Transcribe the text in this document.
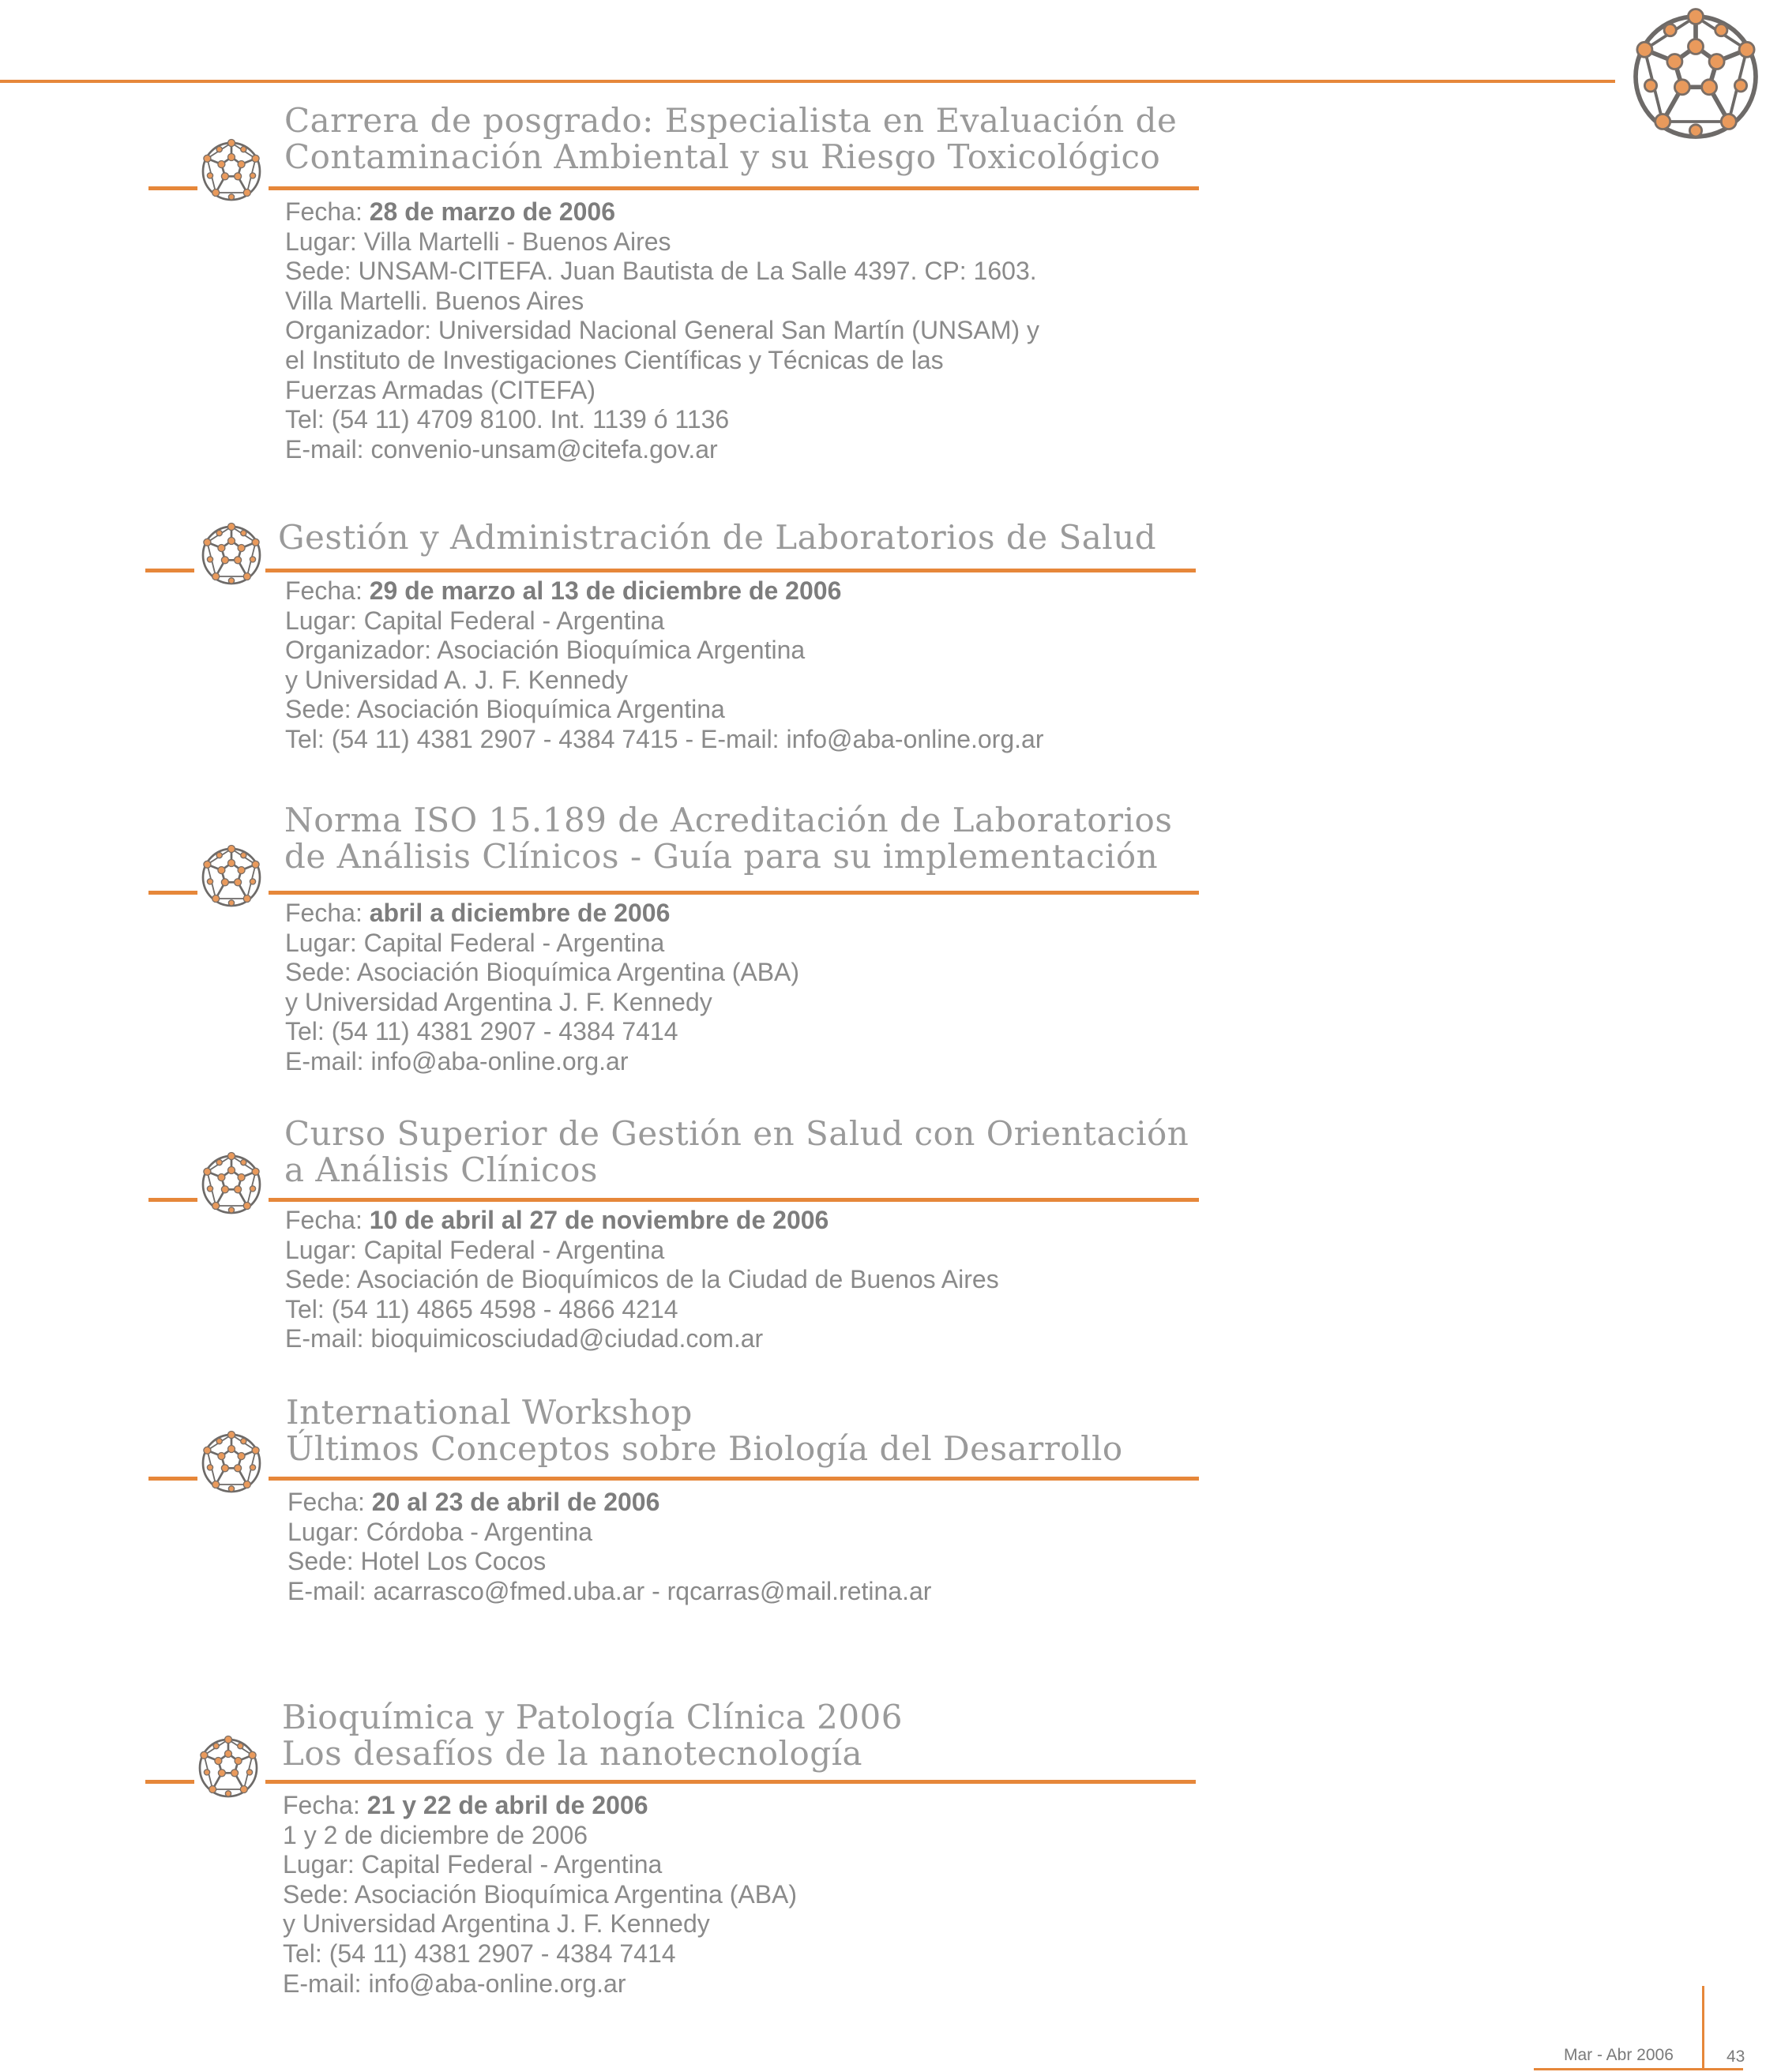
Carrera de posgrado: Especialista en Evaluación de
Contaminación Ambiental y su Riesgo Toxicológico
Fecha: 28 de marzo de 2006
Lugar: Villa Martelli - Buenos Aires
Sede: UNSAM-CITEFA. Juan Bautista de La Salle 4397. CP: 1603.
Villa Martelli. Buenos Aires
Organizador: Universidad Nacional General San Martín (UNSAM) y
el Instituto de Investigaciones Científicas y Técnicas de las
Fuerzas Armadas (CITEFA)
Tel: (54 11) 4709 8100. Int. 1139 ó 1136
E-mail: convenio-unsam@citefa.gov.ar
Gestión y Administración de Laboratorios de Salud
Fecha: 29 de marzo al 13 de diciembre de 2006
Lugar: Capital Federal - Argentina
Organizador: Asociación Bioquímica Argentina
y Universidad A. J. F. Kennedy
Sede: Asociación Bioquímica Argentina
Tel: (54 11) 4381 2907 - 4384 7415 - E-mail: info@aba-online.org.ar
Norma ISO 15.189 de Acreditación de Laboratorios
de Análisis Clínicos - Guía para su implementación
Fecha: abril a diciembre de 2006
Lugar: Capital Federal - Argentina
Sede: Asociación Bioquímica Argentina (ABA)
y Universidad Argentina J. F. Kennedy
Tel: (54 11) 4381 2907 - 4384 7414
E-mail: info@aba-online.org.ar
Curso Superior de Gestión en Salud con Orientación
a Análisis Clínicos
Fecha: 10 de abril al 27 de noviembre de 2006
Lugar: Capital Federal - Argentina
Sede: Asociación de Bioquímicos de la Ciudad de Buenos Aires
Tel: (54 11) 4865 4598 - 4866 4214
E-mail: bioquimicosciudad@ciudad.com.ar
International Workshop
Últimos Conceptos sobre Biología del Desarrollo
Fecha: 20 al 23 de abril de 2006
Lugar: Córdoba - Argentina
Sede: Hotel Los Cocos
E-mail: acarrasco@fmed.uba.ar - rqcarras@mail.retina.ar
Bioquímica y Patología Clínica 2006
Los desafíos de la nanotecnología
Fecha: 21 y 22 de abril de 2006
1 y 2 de diciembre de 2006
Lugar: Capital Federal - Argentina
Sede: Asociación Bioquímica Argentina (ABA)
y Universidad Argentina J. F. Kennedy
Tel: (54 11) 4381 2907 - 4384 7414
E-mail: info@aba-online.org.ar
Mar - Abr 2006	43
